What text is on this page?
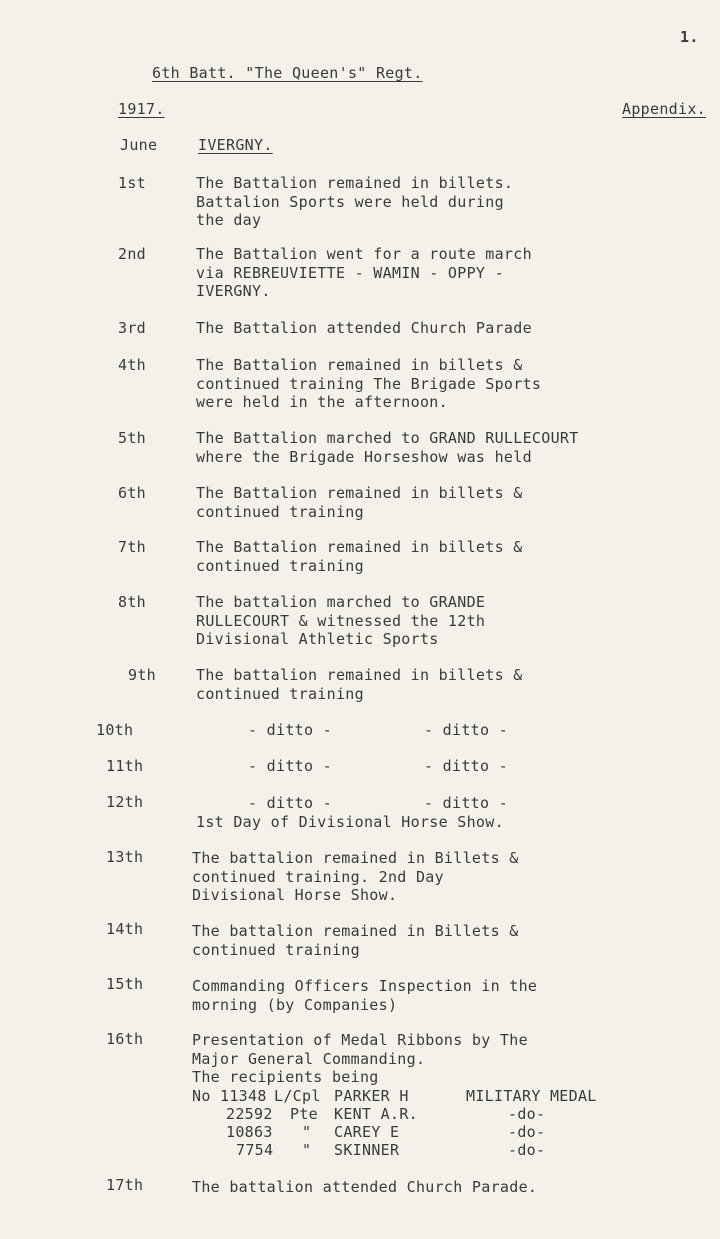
1.
6th Batt. "The Queen's" Regt.
1917.	Appendix.
June	IVERGNY.
1st	The Battalion remained in billets.
Battalion Sports were held during
the day
2nd	The Battalion went for a route march
via REBREUVIETTE - WAMIN - OPPY -
IVERGNY.
3rd	The Battalion attended Church Parade
4th	The Battalion remained in billets &
continued training The Brigade Sports
were held in the afternoon.
5th	The Battalion marched to GRAND RULLECOURT
where the Brigade Horseshow was held
6th	The Battalion remained in billets &
continued training
7th	The Battalion remained in billets &
continued training
8th	The battalion marched to GRANDE
RULLECOURT & witnessed the 12th
Divisional Athletic Sports
9th	The battalion remained in billets &
continued training
10th	- ditto -	- ditto -
11th	- ditto -	- ditto -
12th	- ditto -	- ditto -
1st Day of Divisional Horse Show.
13th	The battalion remained in Billets &
continued training. 2nd Day
Divisional Horse Show.
14th	The battalion remained in Billets &
continued training
15th	Commanding Officers Inspection in the
morning (by Companies)
16th	Presentation of Medal Ribbons by The
Major General Commanding.
The recipients being
No 11348 L/Cpl PARKER H	MILITARY MEDAL
22592 Pte KENT A.R.	-do-
10863 " CAREY E	-do-
7754 " SKINNER	-do-
17th	The battalion attended Church Parade.
